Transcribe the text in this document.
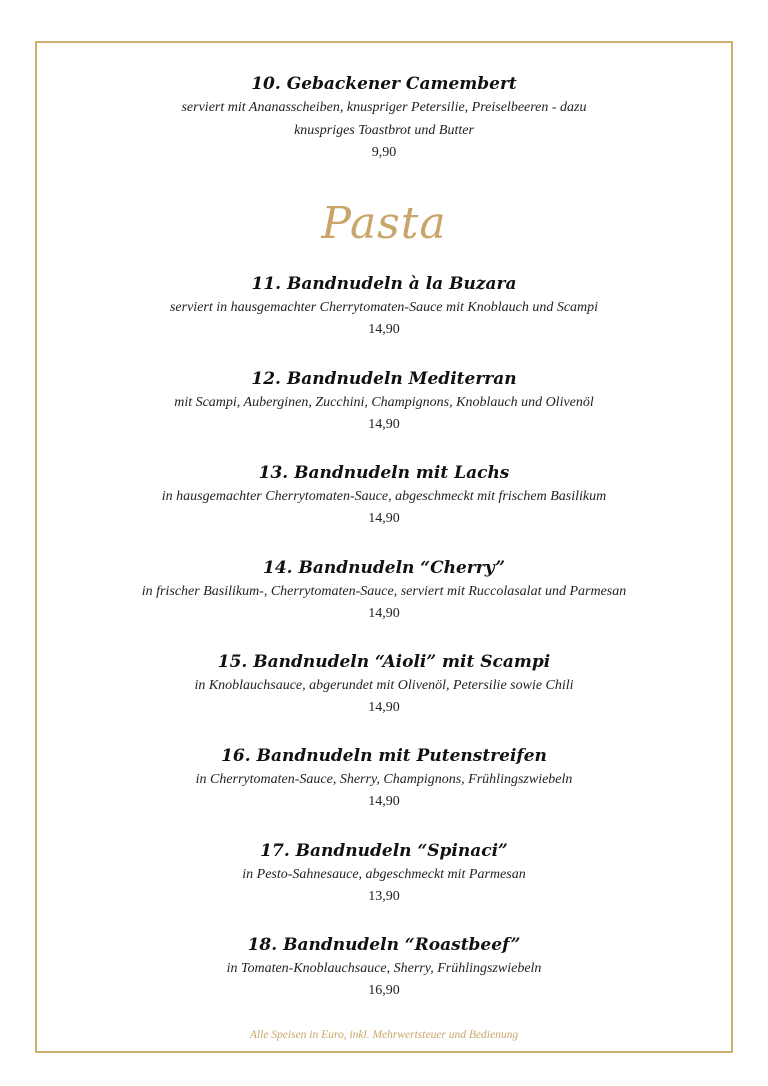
10. Gebackener Camembert
serviert mit Ananasscheiben, knuspriger Petersilie, Preiselbeeren - dazu
knuspriges Toastbrot und Butter
9,90
Pasta
11. Bandnudeln à la Buzara
serviert in hausgemachter Cherrytomaten-Sauce mit Knoblauch und Scampi
14,90
12. Bandnudeln Mediterran
mit Scampi, Auberginen, Zucchini, Champignons, Knoblauch und Olivenöl
14,90
13. Bandnudeln mit Lachs
in hausgemachter Cherrytomaten-Sauce, abgeschmeckt mit frischem Basilikum
14,90
14. Bandnudeln “Cherry”
in frischer Basilikum-, Cherrytomaten-Sauce, serviert mit Ruccolasalat und Parmesan
14,90
15. Bandnudeln “Aioli” mit Scampi
in Knoblauchsauce, abgerundet mit Olivenöl, Petersilie sowie Chili
14,90
16. Bandnudeln mit Putenstreifen
in Cherrytomaten-Sauce, Sherry, Champignons, Frühlingszwiebeln
14,90
17. Bandnudeln “Spinaci”
in Pesto-Sahnesauce, abgeschmeckt mit Parmesan
13,90
18. Bandnudeln “Roastbeef”
in Tomaten-Knoblauchsauce, Sherry, Frühlingszwiebeln
16,90
Alle Speisen in Euro, inkl. Mehrwertsteuer und Bedienung
